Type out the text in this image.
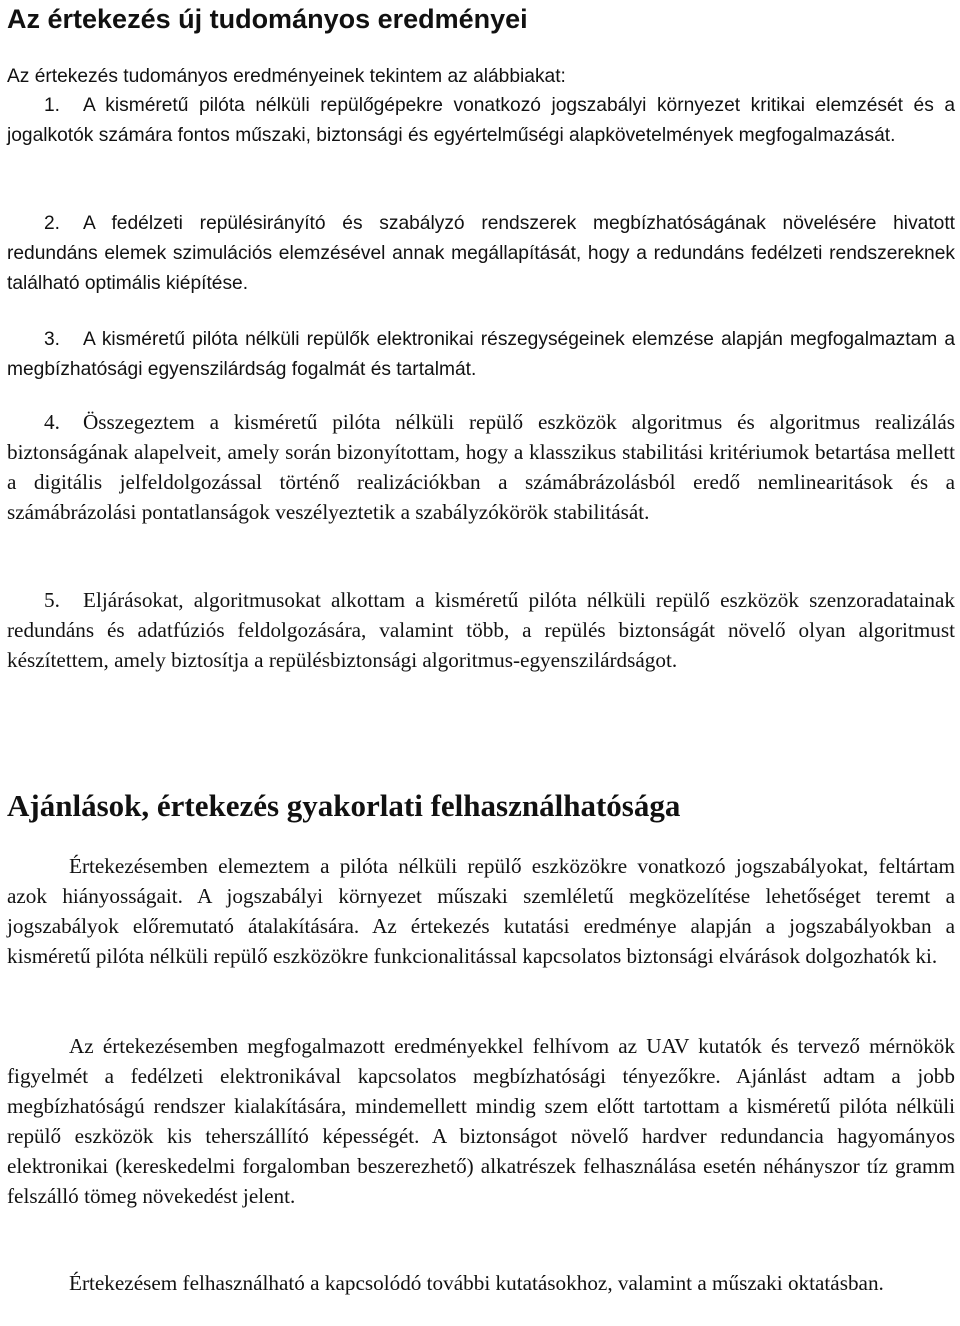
Az értekezés új tudományos eredményei

Az értekezés tudományos eredményeinek tekintem az alábbiakat:

1.	A kisméretű pilóta nélküli repülőgépekre vonatkozó jogszabályi környezet kritikai elemzését és a jogalkotók számára fontos műszaki, biztonsági és egyértelműségi alapkövetelmények megfogalmazását.

2.	A fedélzeti repülésirányító és szabályzó rendszerek megbízhatóságának növelésére hivatott redundáns elemek szimulációs elemzésével annak megállapítását, hogy a redundáns fedélzeti rendszereknek található optimális kiépítése.

3.	A kisméretű pilóta nélküli repülők elektronikai részegységeinek elemzése alapján megfogalmaztam a megbízhatósági egyenszilárdság fogalmát és tartalmát.

4.	Összegeztem a kisméretű pilóta nélküli repülő eszközök algoritmus és algoritmus realizálás biztonságának alapelveit, amely során bizonyítottam, hogy a klasszikus stabilitási kritériumok betartása mellett a digitális jelfeldolgozással történő realizációkban a számábrázolásból eredő nemlinearitások és a számábrázolási pontatlanságok veszélyeztetik a szabályzókörök stabilitását.

5.	Eljárásokat, algoritmusokat alkottam a kisméretű pilóta nélküli repülő eszközök szenzoradatainak redundáns és adatfúziós feldolgozására, valamint több, a repülés biztonságát növelő olyan algoritmust készítettem, amely biztosítja a repülésbiztonsági algoritmus-egyenszilárdságot.

Ajánlások, értekezés gyakorlati felhasználhatósága

Értekezésemben elemeztem a pilóta nélküli repülő eszközökre vonatkozó jogszabályokat, feltártam azok hiányosságait. A jogszabályi környezet műszaki szemléletű megközelítése lehetőséget teremt a jogszabályok előremutató átalakítására. Az értekezés kutatási eredménye alapján a jogszabályokban a kisméretű pilóta nélküli repülő eszközökre funkcionalitással kapcsolatos biztonsági elvárások dolgozhatók ki.

Az értekezésemben megfogalmazott eredményekkel felhívom az UAV kutatók és tervező mérnökök figyelmét a fedélzeti elektronikával kapcsolatos megbízhatósági tényezőkre. Ajánlást adtam a jobb megbízhatóságú rendszer kialakítására, mindemellett mindig szem előtt tartottam a kisméretű pilóta nélküli repülő eszközök kis teherszállító képességét. A biztonságot növelő hardver redundancia hagyományos elektronikai (kereskedelmi forgalomban beszerezhető) alkatrészek felhasználása esetén néhányszor tíz gramm felszálló tömeg növekedést jelent.

Értekezésem felhasználható a kapcsolódó további kutatásokhoz, valamint a műszaki oktatásban.
